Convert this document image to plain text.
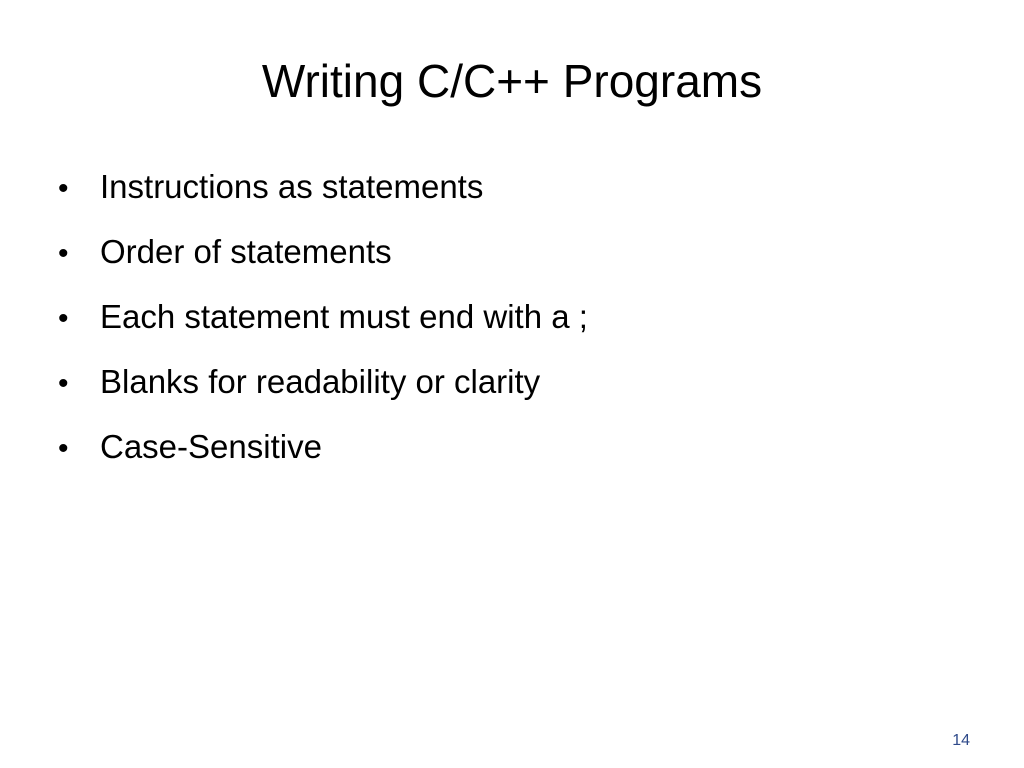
Writing C/C++ Programs
• Instructions as statements
• Order of statements
• Each statement must end with a ;
• Blanks for readability or clarity
• Case-Sensitive
14
